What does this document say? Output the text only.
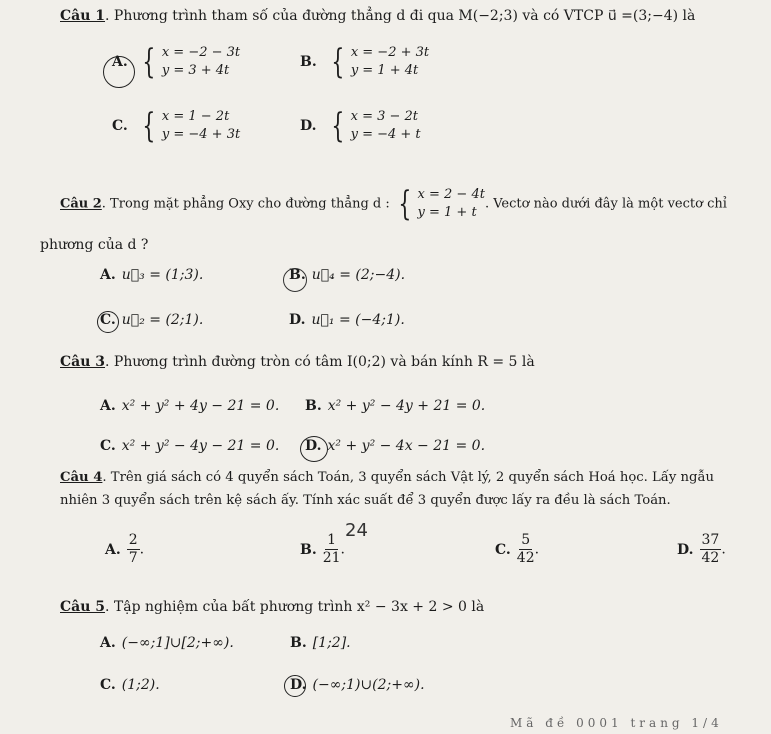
Câu 1. Phương trình tham số của đường thẳng d đi qua M(−2;3) và có VTCP u⃗ =(3;−4) là
A. { x = −2 − 3t
y = 3 + 4t
B. { x = −2 + 3t
y = 1 + 4t
C. { x = 1 − 2t
y = −4 + 3t
D. { x = 3 − 2t
y = −4 + t
Câu 2. Trong mặt phẳng Oxy cho đường thẳng d : { x = 2 − 4t
y = 1 + t
. Vectơ nào dưới đây là một vectơ chỉ
phương của d ?
A. u⃗₃ = (1;3).	B. u⃗₄ = (2;−4).
C. u⃗₂ = (2;1).	D. u⃗₁ = (−4;1).
Câu 3. Phương trình đường tròn có tâm I(0;2) và bán kính R = 5 là
A. x² + y² + 4y − 21 = 0. B. x² + y² − 4y + 21 = 0.
C. x² + y² − 4y − 21 = 0. D. x² + y² − 4x − 21 = 0.
Câu 4. Trên giá sách có 4 quyển sách Toán, 3 quyển sách Vật lý, 2 quyển sách Hoá học. Lấy ngẫu
nhiên 3 quyển sách trên kệ sách ấy. Tính xác suất để 3 quyển được lấy ra đều là sách Toán.
24
A. $\frac{2}{7}$ .	B. $\frac{1}{21}$ .	C. $\frac{5}{42}$ .	D. $\frac{37}{42}$ .
Câu 5. Tập nghiệm của bất phương trình x² − 3x + 2 > 0 là
A. (−∞;1]∪[2;+∞).	B. [1;2].
C. (1;2).	D. (−∞;1)∪(2;+∞).
Mã đề 0001 trang 1/4
